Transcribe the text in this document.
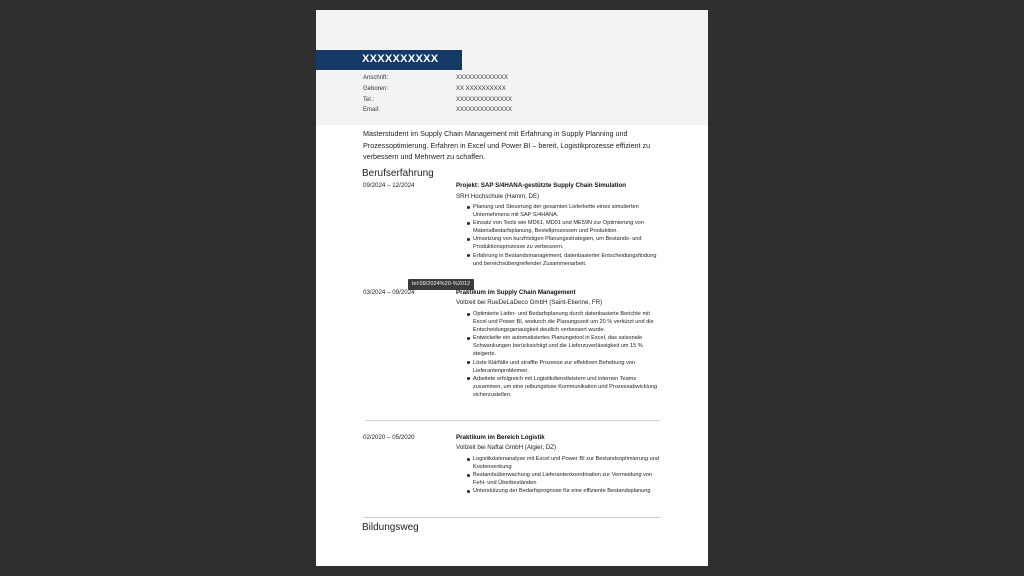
XXXXXXXXXX
Anschrift:	XXXXXXXXXXXXX
Geboren:	XX XXXXXXXXXX
Tel.:	XXXXXXXXXXXXXX
Email:	XXXXXXXXXXXXXX
Masterstudent im Supply Chain Management mit Erfahrung in Supply Planning und Prozessoptimierung. Erfahren in Excel und Power BI – bereit, Logistikprozesse effizient zu verbessern und Mehrwert zu schaffen.
Berufserfahrung
09/2024 – 12/2024	Projekt: SAP S/4HANA-gestützte Supply Chain Simulation
SRH Hochschule (Hamm, DE)
Planung und Steuerung der gesamten Lieferkette eines simulierten Unternehmens mit SAP S/4HANA.
Einsatz von Tools wie MD61, MD01 und ME59N zur Optimierung von Materialbedarfsplanung, Bestellprozessen und Produktion.
Umsetzung von kurzfristigen Planungsstrategien, um Bestands- und Produktionsprozesse zu verbessern.
Erfahrung in Bestandsmanagement, datenbasierter Entscheidungsfindung und bereichsübergreifender Zusammenarbeit.
tel:09/2024%20-%2012
03/2024 – 09/2024	Praktikum im Supply Chain Management
Vollzeit bei RueDeLaDeco GmbH (Saint-Etienne, FR)
Optimierte Liefer- und Bedarfsplanung durch datenbasierte Berichte mit Excel und Power BI, wodurch die Planungszeit um 20 % verkürzt und die Entscheidungsgenauigkeit deutlich verbessert wurde.
Entwickelte ein automatisiertes Planungstool in Excel, das saisonale Schwankungen berücksichtigt und die Lieferzuverlässigkeit um 15 % steigerte.
Löste Klärfälle und straffte Prozesse zur effektiven Behebung von Lieferantenproblemen.
Arbeitete erfolgreich mit Logistikdienstleistern und internen Teams zusammen, um eine reibungslose Kommunikation und Prozessabwicklung sicherzustellen.
02/2020 – 05/2020	Praktikum im Bereich Logistik
Vollzeit bei Naftal GmbH (Algier, DZ)
Logistikdatenanalyse mit Excel und Power BI zur Bestandsoptimierung und Kostensenkung
Bestandsüberwachung und Lieferantenkoordination zur Vermeidung von Fehl- und Überbeständen
Unterstützung der Bedarfsprognose für eine effiziente Bestandsplanung
Bildungsweg
